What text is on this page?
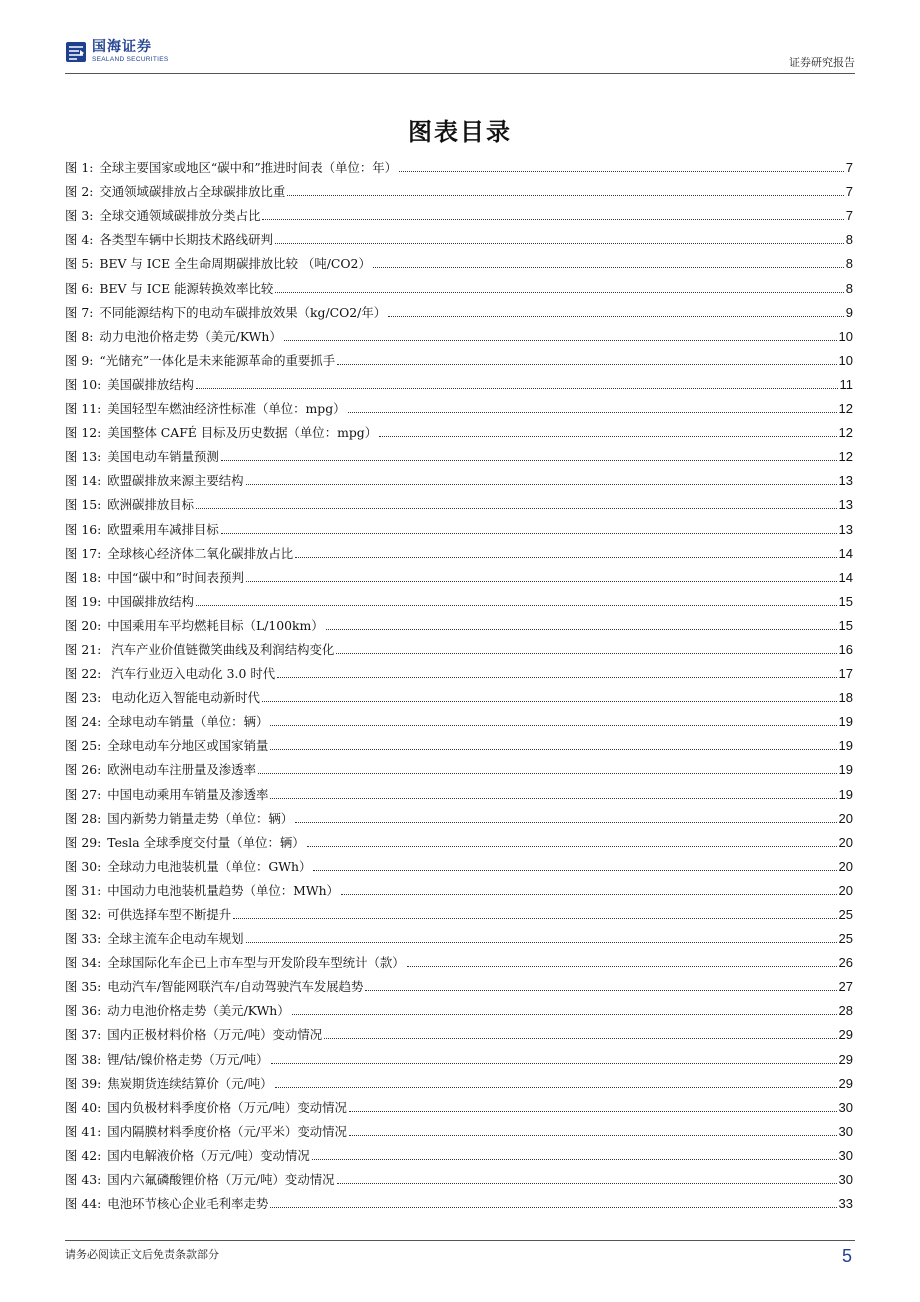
国海证券
SEALAND SECURITIES	证券研究报告
图表目录
图 1: 全球主要国家或地区“碳中和”推进时间表（单位：年）	7
图 2: 交通领域碳排放占全球碳排放比重	7
图 3: 全球交通领域碳排放分类占比	7
图 4: 各类型车辆中长期技术路线研判	8
图 5: BEV 与 ICE 全生命周期碳排放比较 （吨/CO2）	8
图 6: BEV 与 ICE 能源转换效率比较	8
图 7: 不同能源结构下的电动车碳排放效果（kg/CO2/年）	9
图 8: 动力电池价格走势（美元/KWh）	10
图 9: “光储充”一体化是未来能源革命的重要抓手	10
图 10: 美国碳排放结构	11
图 11: 美国轻型车燃油经济性标准（单位：mpg）	12
图 12: 美国整体 CAFÉ 目标及历史数据（单位：mpg）	12
图 13: 美国电动车销量预测	12
图 14: 欧盟碳排放来源主要结构	13
图 15: 欧洲碳排放目标	13
图 16: 欧盟乘用车减排目标	13
图 17: 全球核心经济体二氧化碳排放占比	14
图 18: 中国“碳中和”时间表预判	14
图 19: 中国碳排放结构	15
图 20: 中国乘用车平均燃耗目标（L/100km）	15
图 21: 汽车产业价值链微笑曲线及利润结构变化	16
图 22: 汽车行业迈入电动化 3.0 时代	17
图 23: 电动化迈入智能电动新时代	18
图 24: 全球电动车销量（单位：辆）	19
图 25: 全球电动车分地区或国家销量	19
图 26: 欧洲电动车注册量及渗透率	19
图 27: 中国电动乘用车销量及渗透率	19
图 28: 国内新势力销量走势（单位：辆）	20
图 29: Tesla 全球季度交付量（单位：辆）	20
图 30: 全球动力电池装机量（单位：GWh）	20
图 31: 中国动力电池装机量趋势（单位：MWh）	20
图 32: 可供选择车型不断提升	25
图 33: 全球主流车企电动车规划	25
图 34: 全球国际化车企已上市车型与开发阶段车型统计（款）	26
图 35: 电动汽车/智能网联汽车/自动驾驶汽车发展趋势	27
图 36: 动力电池价格走势（美元/KWh）	28
图 37: 国内正极材料价格（万元/吨）变动情况	29
图 38: 锂/钴/镍价格走势（万元/吨）	29
图 39: 焦炭期货连续结算价（元/吨）	29
图 40: 国内负极材料季度价格（万元/吨）变动情况	30
图 41: 国内隔膜材料季度价格（元/平米）变动情况	30
图 42: 国内电解液价格（万元/吨）变动情况	30
图 43: 国内六氟磷酸锂价格（万元/吨）变动情况	30
图 44: 电池环节核心企业毛利率走势	33
请务必阅读正文后免责条款部分	5
